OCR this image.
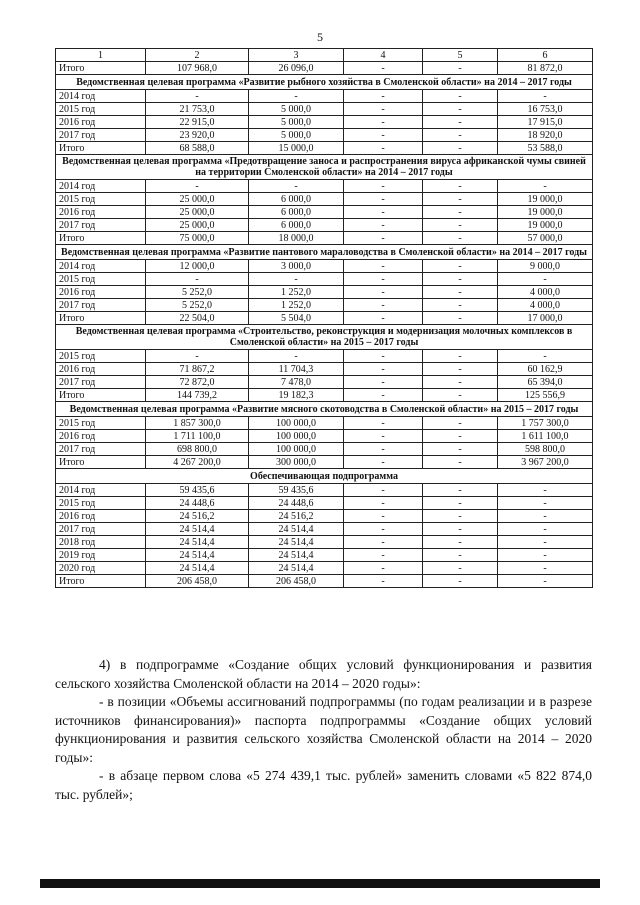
5
1	2	3	4	5	6
Итого	107 968,0	26 096,0	-	-	81 872,0
Ведомственная целевая программа «Развитие рыбного хозяйства в Смоленской области» на 2014 – 2017 годы					
2014 год	-	-	-	-	-
2015 год	21 753,0	5 000,0	-	-	16 753,0
2016 год	22 915,0	5 000,0	-	-	17 915,0
2017 год	23 920,0	5 000,0	-	-	18 920,0
Итого	68 588,0	15 000,0	-	-	53 588,0
Ведомственная целевая программа «Предотвращение заноса и распространения вируса африканской чумы свиней на территории Смоленской области» на 2014 – 2017 годы					
2014 год	-	-	-	-	-
2015 год	25 000,0	6 000,0	-	-	19 000,0
2016 год	25 000,0	6 000,0	-	-	19 000,0
2017 год	25 000,0	6 000,0	-	-	19 000,0
Итого	75 000,0	18 000,0	-	-	57 000,0
Ведомственная целевая программа «Развитие пантового мараловодства в Смоленской области» на 2014 – 2017 годы					
2014 год	12 000,0	3 000,0	-	-	9 000,0
2015 год	-	-	-	-	-
2016 год	5 252,0	1 252,0	-	-	4 000,0
2017 год	5 252,0	1 252,0	-	-	4 000,0
Итого	22 504,0	5 504,0	-	-	17 000,0
Ведомственная целевая программа «Строительство, реконструкция и модернизация молочных комплексов в Смоленской области» на 2015 – 2017 годы					
2015 год	-	-	-	-	-
2016 год	71 867,2	11 704,3	-	-	60 162,9
2017 год	72 872,0	7 478,0	-	-	65 394,0
Итого	144 739,2	19 182,3	-	-	125 556,9
Ведомственная целевая программа «Развитие мясного скотоводства в Смоленской области» на 2015 – 2017 годы					
2015 год	1 857 300,0	100 000,0	-	-	1 757 300,0
2016 год	1 711 100,0	100 000,0	-	-	1 611 100,0
2017 год	698 800,0	100 000,0	-	-	598 800,0
Итого	4 267 200,0	300 000,0	-	-	3 967 200,0
Обеспечивающая подпрограмма					
2014 год	59 435,6	59 435,6	-	-	-
2015 год	24 448,6	24 448,6	-	-	-
2016 год	24 516,2	24 516,2	-	-	-
2017 год	24 514,4	24 514,4	-	-	-
2018 год	24 514,4	24 514,4	-	-	-
2019 год	24 514,4	24 514,4	-	-	-
2020 год	24 514,4	24 514,4	-	-	-
Итого	206 458,0	206 458,0	-	-	-

4) в подпрограмме «Создание общих условий функционирования и развития сельского хозяйства Смоленской области на 2014 – 2020 годы»:

- в позиции «Объемы ассигнований подпрограммы (по годам реализации и в разрезе источников финансирования)» паспорта подпрограммы «Создание общих условий функционирования и развития сельского хозяйства Смоленской области на 2014 – 2020 годы»:

- в абзаце первом слова «5 274 439,1 тыс. рублей» заменить словами «5 822 874,0 тыс. рублей»;
